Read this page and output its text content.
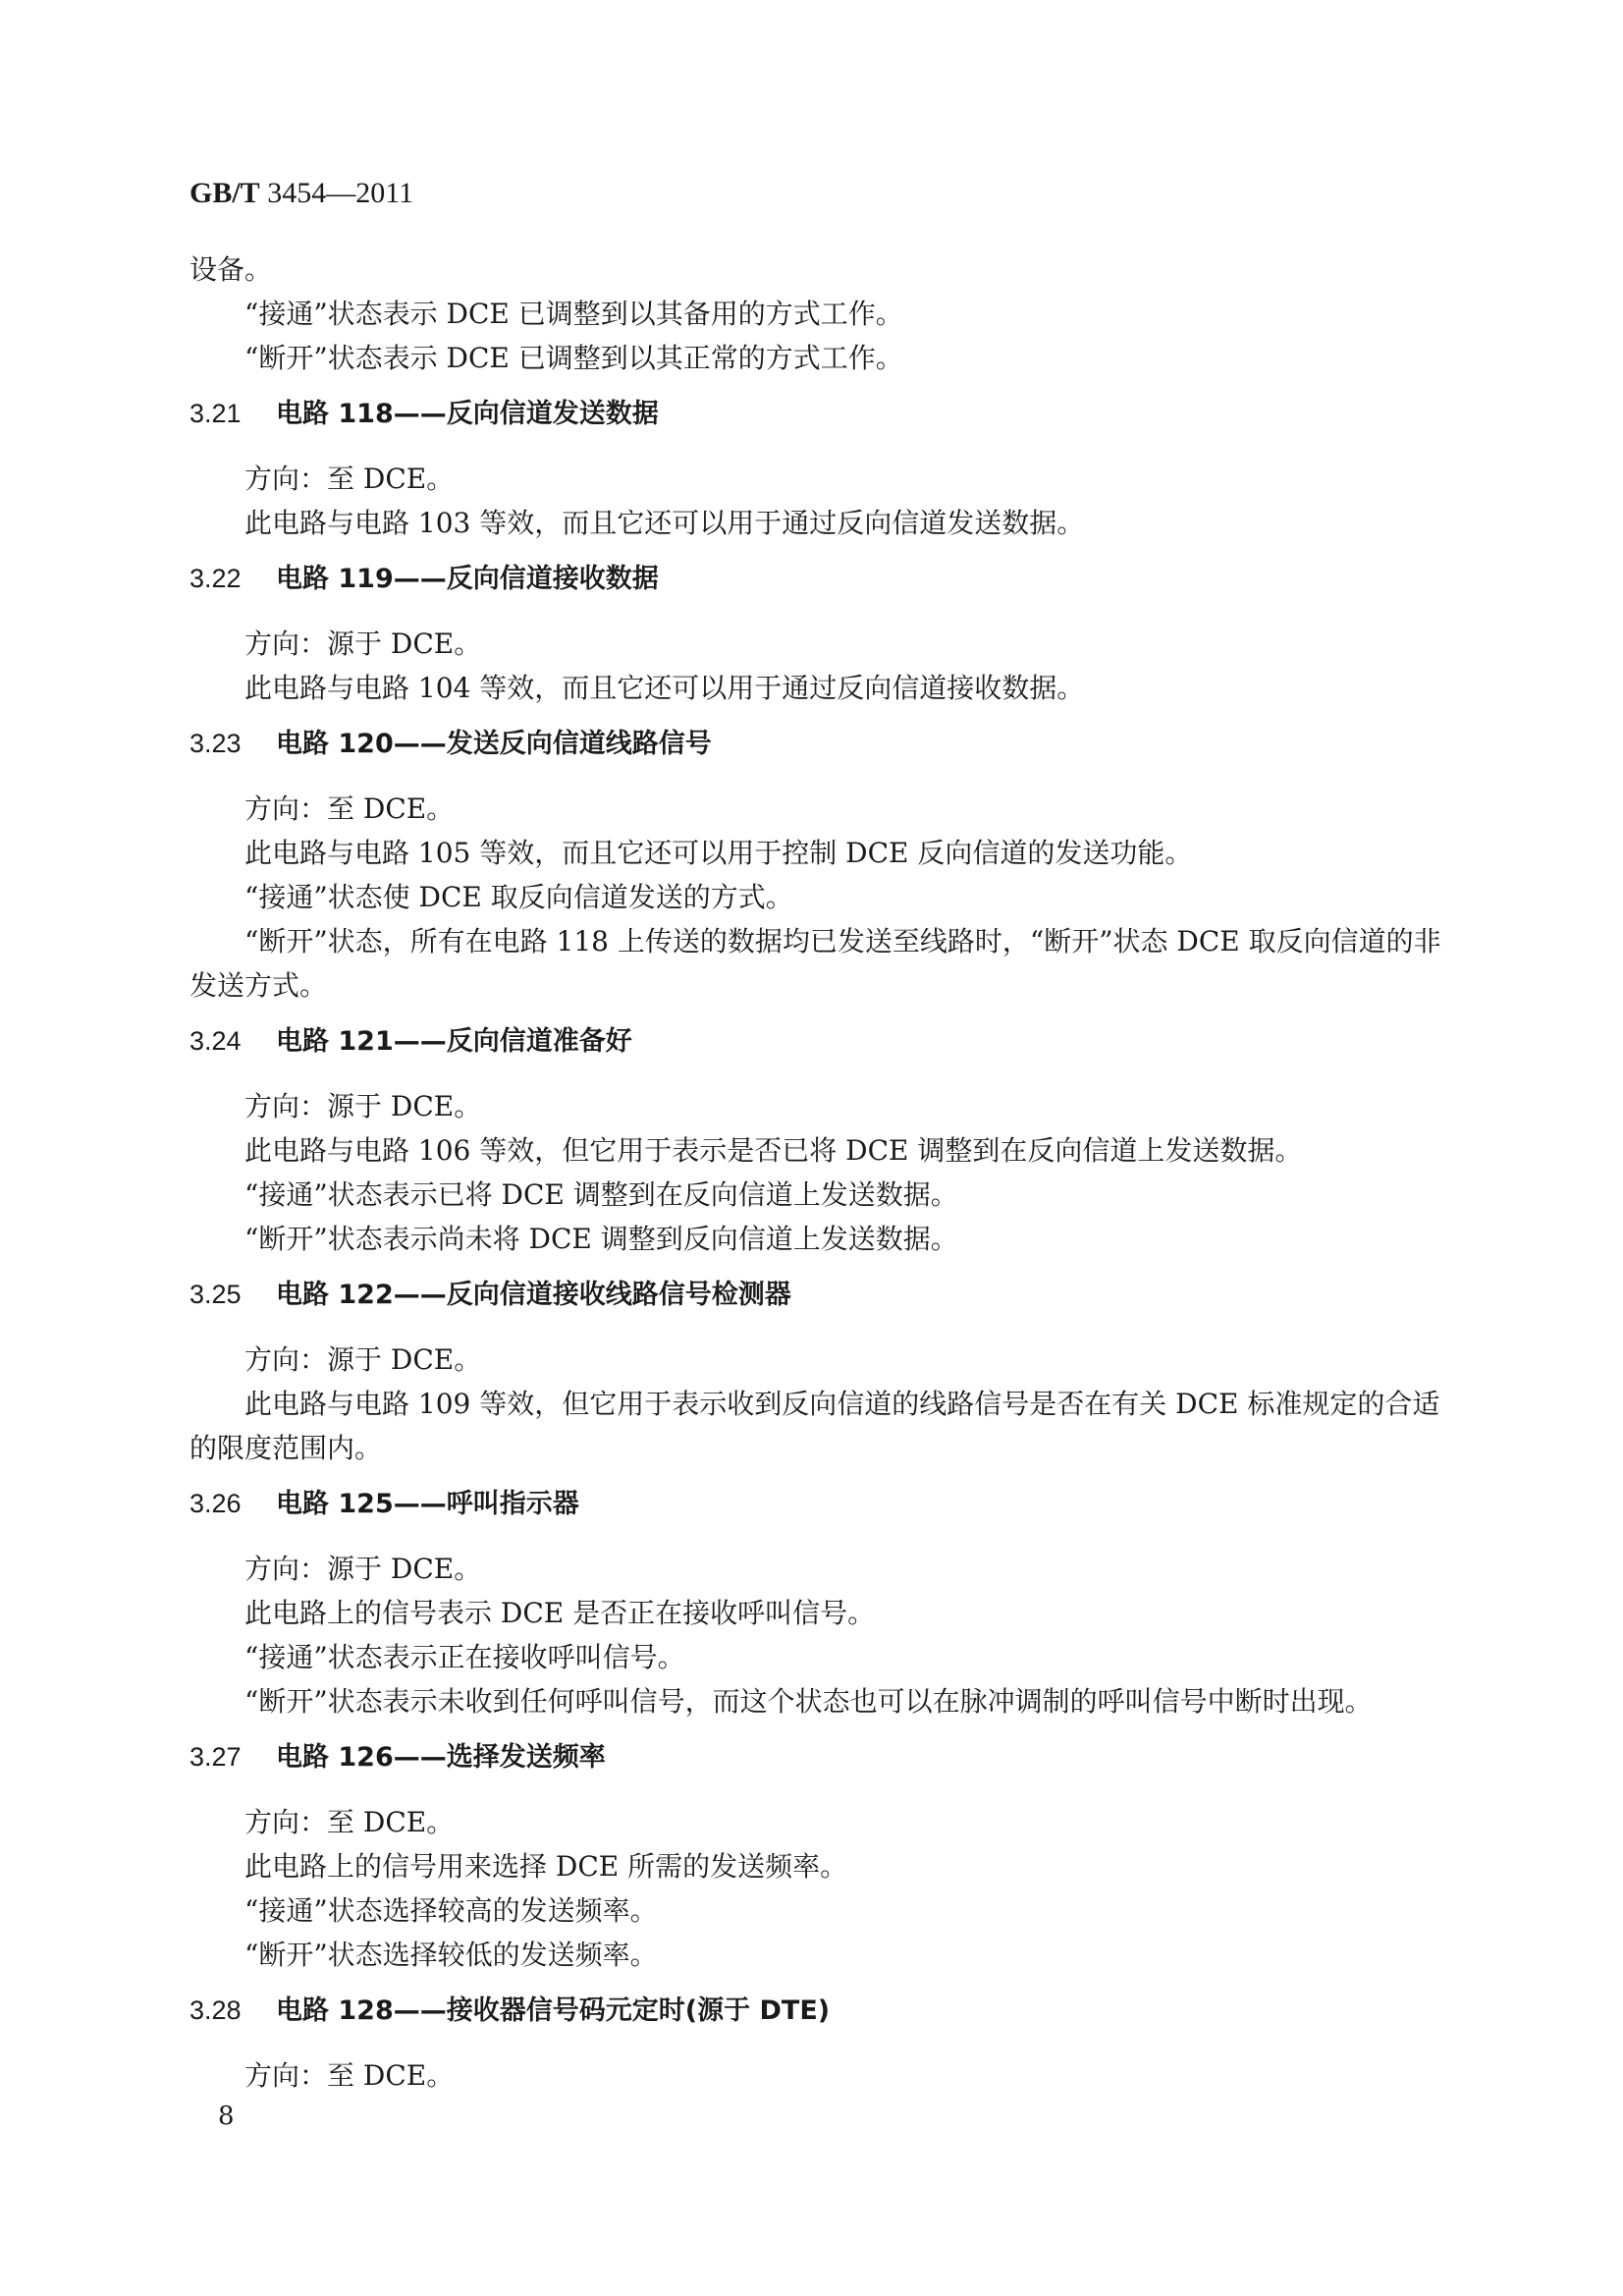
GB/T 3454—2011

设备。

“接通”状态表示 DCE 已调整到以其备用的方式工作。

“断开”状态表示 DCE 已调整到以其正常的方式工作。

3.21 电路 118——反向信道发送数据

方向：至 DCE。

此电路与电路 103 等效，而且它还可以用于通过反向信道发送数据。

3.22 电路 119——反向信道接收数据

方向：源于 DCE。

此电路与电路 104 等效，而且它还可以用于通过反向信道接收数据。

3.23 电路 120——发送反向信道线路信号

方向：至 DCE。

此电路与电路 105 等效，而且它还可以用于控制 DCE 反向信道的发送功能。

“接通”状态使 DCE 取反向信道发送的方式。

“断开”状态，所有在电路 118 上传送的数据均已发送至线路时，“断开”状态 DCE 取反向信道的非发送方式。

3.24 电路 121——反向信道准备好

方向：源于 DCE。

此电路与电路 106 等效，但它用于表示是否已将 DCE 调整到在反向信道上发送数据。

“接通”状态表示已将 DCE 调整到在反向信道上发送数据。

“断开”状态表示尚未将 DCE 调整到反向信道上发送数据。

3.25 电路 122——反向信道接收线路信号检测器

方向：源于 DCE。

此电路与电路 109 等效，但它用于表示收到反向信道的线路信号是否在有关 DCE 标准规定的合适的限度范围内。

3.26 电路 125——呼叫指示器

方向：源于 DCE。

此电路上的信号表示 DCE 是否正在接收呼叫信号。

“接通”状态表示正在接收呼叫信号。

“断开”状态表示未收到任何呼叫信号，而这个状态也可以在脉冲调制的呼叫信号中断时出现。

3.27 电路 126——选择发送频率

方向：至 DCE。

此电路上的信号用来选择 DCE 所需的发送频率。

“接通”状态选择较高的发送频率。

“断开”状态选择较低的发送频率。

3.28 电路 128——接收器信号码元定时(源于 DTE)

方向：至 DCE。

8
